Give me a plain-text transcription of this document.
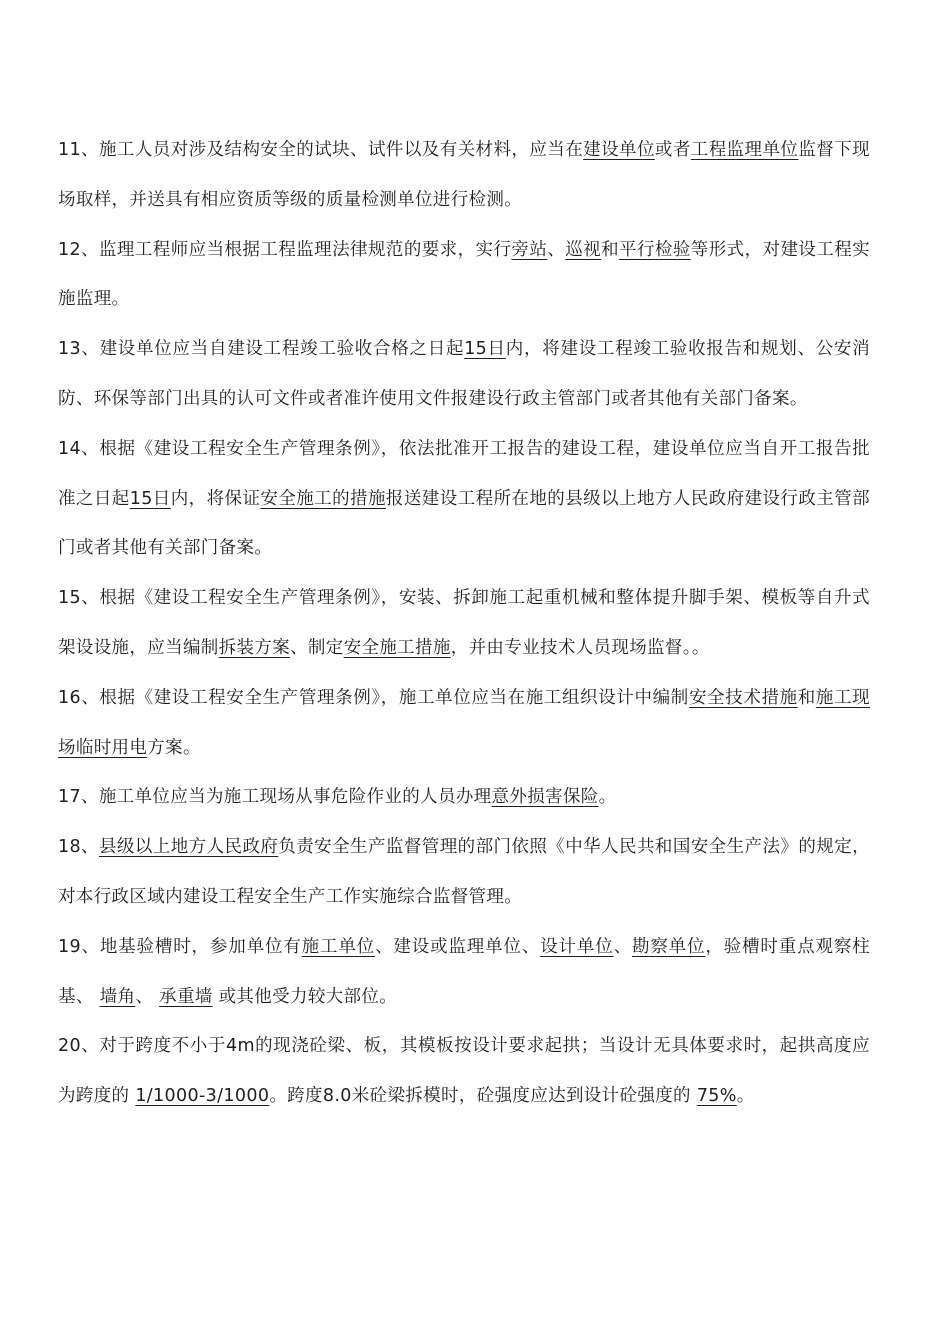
11、施工人员对涉及结构安全的试块、试件以及有关材料，应当在建设单位或者工程监理单位监督下现场取样，并送具有相应资质等级的质量检测单位进行检测。

12、监理工程师应当根据工程监理法律规范的要求，实行旁站、巡视和平行检验等形式，对建设工程实施监理。

13、建设单位应当自建设工程竣工验收合格之日起15日内，将建设工程竣工验收报告和规划、公安消防、环保等部门出具的认可文件或者准许使用文件报建设行政主管部门或者其他有关部门备案。

14、根据《建设工程安全生产管理条例》，依法批准开工报告的建设工程，建设单位应当自开工报告批准之日起15日内，将保证安全施工的措施报送建设工程所在地的县级以上地方人民政府建设行政主管部门或者其他有关部门备案。

15、根据《建设工程安全生产管理条例》，安装、拆卸施工起重机械和整体提升脚手架、模板等自升式架设设施，应当编制拆装方案、制定安全施工措施，并由专业技术人员现场监督。。

16、根据《建设工程安全生产管理条例》，施工单位应当在施工组织设计中编制安全技术措施和施工现场临时用电方案。

17、施工单位应当为施工现场从事危险作业的人员办理意外损害保险。

18、县级以上地方人民政府负责安全生产监督管理的部门依照《中华人民共和国安全生产法》的规定，对本行政区域内建设工程安全生产工作实施综合监督管理。

19、地基验槽时，参加单位有施工单位、建设或监理单位、设计单位、勘察单位，验槽时重点观察柱基、 墙角、 承重墙 或其他受力较大部位。

20、对于跨度不小于4m的现浇砼梁、板，其模板按设计要求起拱；当设计无具体要求时，起拱高度应为跨度的 1/1000-3/1000。跨度8.0米砼梁拆模时，砼强度应达到设计砼强度的 75%。
